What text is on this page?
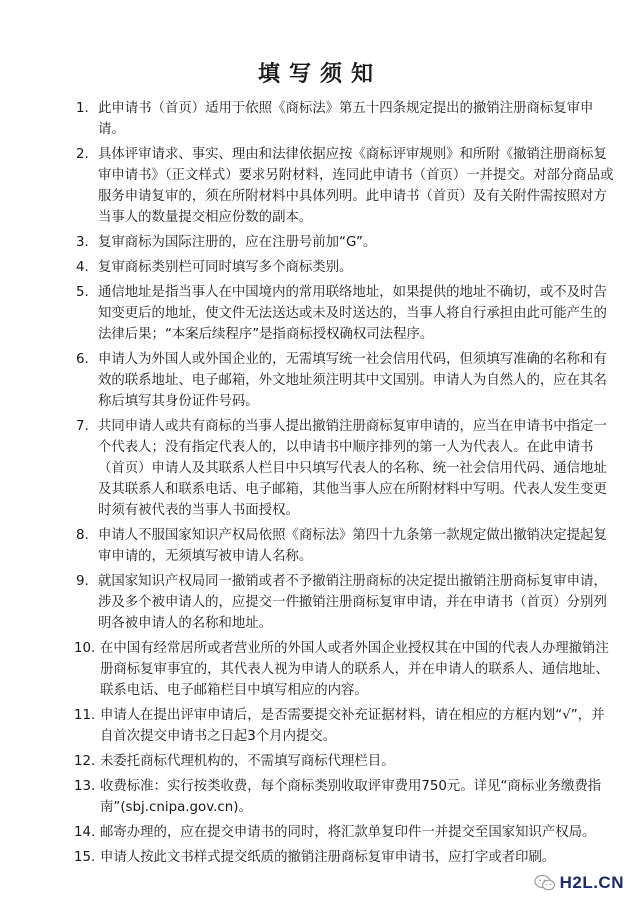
填写须知
1. 此申请书（首页）适用于依照《商标法》第五十四条规定提出的撤销注册商标复审申请。
2. 具体评审请求、事实、理由和法律依据应按《商标评审规则》和所附《撤销注册商标复审申请书》（正文样式）要求另附材料，连同此申请书（首页）一并提交。对部分商品或服务申请复审的，须在所附材料中具体列明。此申请书（首页）及有关附件需按照对方当事人的数量提交相应份数的副本。
3. 复审商标为国际注册的，应在注册号前加“G”。
4. 复审商标类别栏可同时填写多个商标类别。
5. 通信地址是指当事人在中国境内的常用联络地址，如果提供的地址不确切，或不及时告知变更后的地址，使文件无法送达或未及时送达的，当事人将自行承担由此可能产生的法律后果；“本案后续程序”是指商标授权确权司法程序。
6. 申请人为外国人或外国企业的，无需填写统一社会信用代码，但须填写准确的名称和有效的联系地址、电子邮箱，外文地址须注明其中文国别。申请人为自然人的，应在其名称后填写其身份证件号码。
7. 共同申请人或共有商标的当事人提出撤销注册商标复审申请的，应当在申请书中指定一个代表人；没有指定代表人的，以申请书中顺序排列的第一人为代表人。在此申请书（首页）申请人及其联系人栏目中只填写代表人的名称、统一社会信用代码、通信地址及其联系人和联系电话、电子邮箱，其他当事人应在所附材料中写明。代表人发生变更时须有被代表的当事人书面授权。
8. 申请人不服国家知识产权局依照《商标法》第四十九条第一款规定做出撤销决定提起复审申请的，无须填写被申请人名称。
9. 就国家知识产权局同一撤销或者不予撤销注册商标的决定提出撤销注册商标复审申请，涉及多个被申请人的，应提交一件撤销注册商标复审申请，并在申请书（首页）分别列明各被申请人的名称和地址。
10. 在中国有经常居所或者营业所的外国人或者外国企业授权其在中国的代表人办理撤销注册商标复审事宜的，其代表人视为申请人的联系人，并在申请人的联系人、通信地址、联系电话、电子邮箱栏目中填写相应的内容。
11. 申请人在提出评审申请后，是否需要提交补充证据材料，请在相应的方框内划“√”，并自首次提交申请书之日起3个月内提交。
12. 未委托商标代理机构的，不需填写商标代理栏目。
13. 收费标准：实行按类收费，每个商标类别收取评审费用750元。详见“商标业务缴费指南”(sbj.cnipa.gov.cn)。
14. 邮寄办理的，应在提交申请书的同时，将汇款单复印件一并提交至国家知识产权局。
15. 申请人按此文书样式提交纸质的撤销注册商标复审申请书，应打字或者印刷。
H2L.CN
